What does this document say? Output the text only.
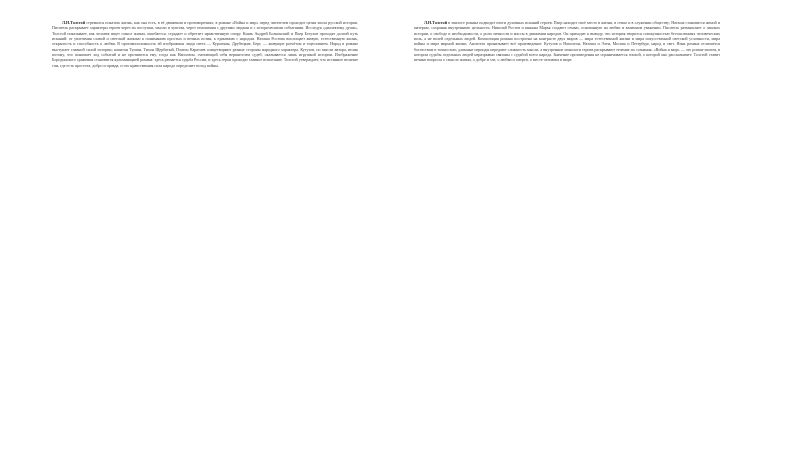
Л.Н.Толстой стремился показать жизнь, как она есть, в её движении и противоречиях; в романе «Война и мир» перед читателем проходит целая эпоха русской истории. Писатель раскрывает характеры героев через их поступки, мысли и чувства, через отношения с другими людьми и с историческими событиями. Исследуя «диалектику души», Толстой показывает, как человек ищет смысл жизни, ошибается, страдает и обретает нравственную опору. Князь Андрей Болконский и Пьер Безухов проходят долгий путь исканий: от увлечения славой и светской жизнью к пониманию простых и вечных истин, к единению с народом. Наташа Ростова воплощает живую, естественную жизнь, открытость и способность к любви. В противоположность ей изображены люди света — Курагины, Друбецкие, Берг, — живущие расчётом и тщеславием. Народ в романе выступает главной силой истории; капитан Тушин, Тихон Щербатый, Платон Каратаев олицетворяют разные стороны народного характера. Кутузов, по мысли автора, велик потому, что понимает ход событий и не противится ему, тогда как Наполеон, считающий себя вершителем судеб, оказывается лишь игрушкой истории. Изображение Бородинского сражения становится кульминацией романа: здесь решается судьба России, и здесь герои проходят главное испытание. Толстой утверждает, что истинное величие там, где есть простота, добро и правда, и что нравственная сила народа определяет исход войны.
Л.Н.Толстой в эпилоге романа подводит итоги духовных исканий героев. Пьер находит своё место в жизни, в семье и в служении обществу; Наташа становится женой и матерью, сохраняя внутреннюю цельность; Николай Ростов и княжна Марья создают семью, основанную на любви и взаимном уважении. Писатель размышляет о законах истории, о свободе и необходимости, о роли личности и массы в движении народов. Он приходит к выводу, что история творится совокупностью бесчисленных человеческих воль, а не волей отдельных людей. Композиция романа построена на контрасте двух миров — мира естественной жизни и мира искусственной светской условности, мира войны и мира мирной жизни. Антитеза пронизывает всё произведение: Кутузов и Наполеон, Наташа и Элен, Москва и Петербург, народ и свет. Язык романа отличается богатством и точностью; длинные периоды передают сложность мысли, а внутренние монологи героев раскрывают течение их сознания. «Война и мир» — это роман-эпопея, в котором судьбы отдельных людей неразрывно связаны с судьбой всего народа. Значение произведения не ограничивается эпохой, о которой оно рассказывает: Толстой ставит вечные вопросы о смысле жизни, о добре и зле, о любви и смерти, о месте человека в мире.
